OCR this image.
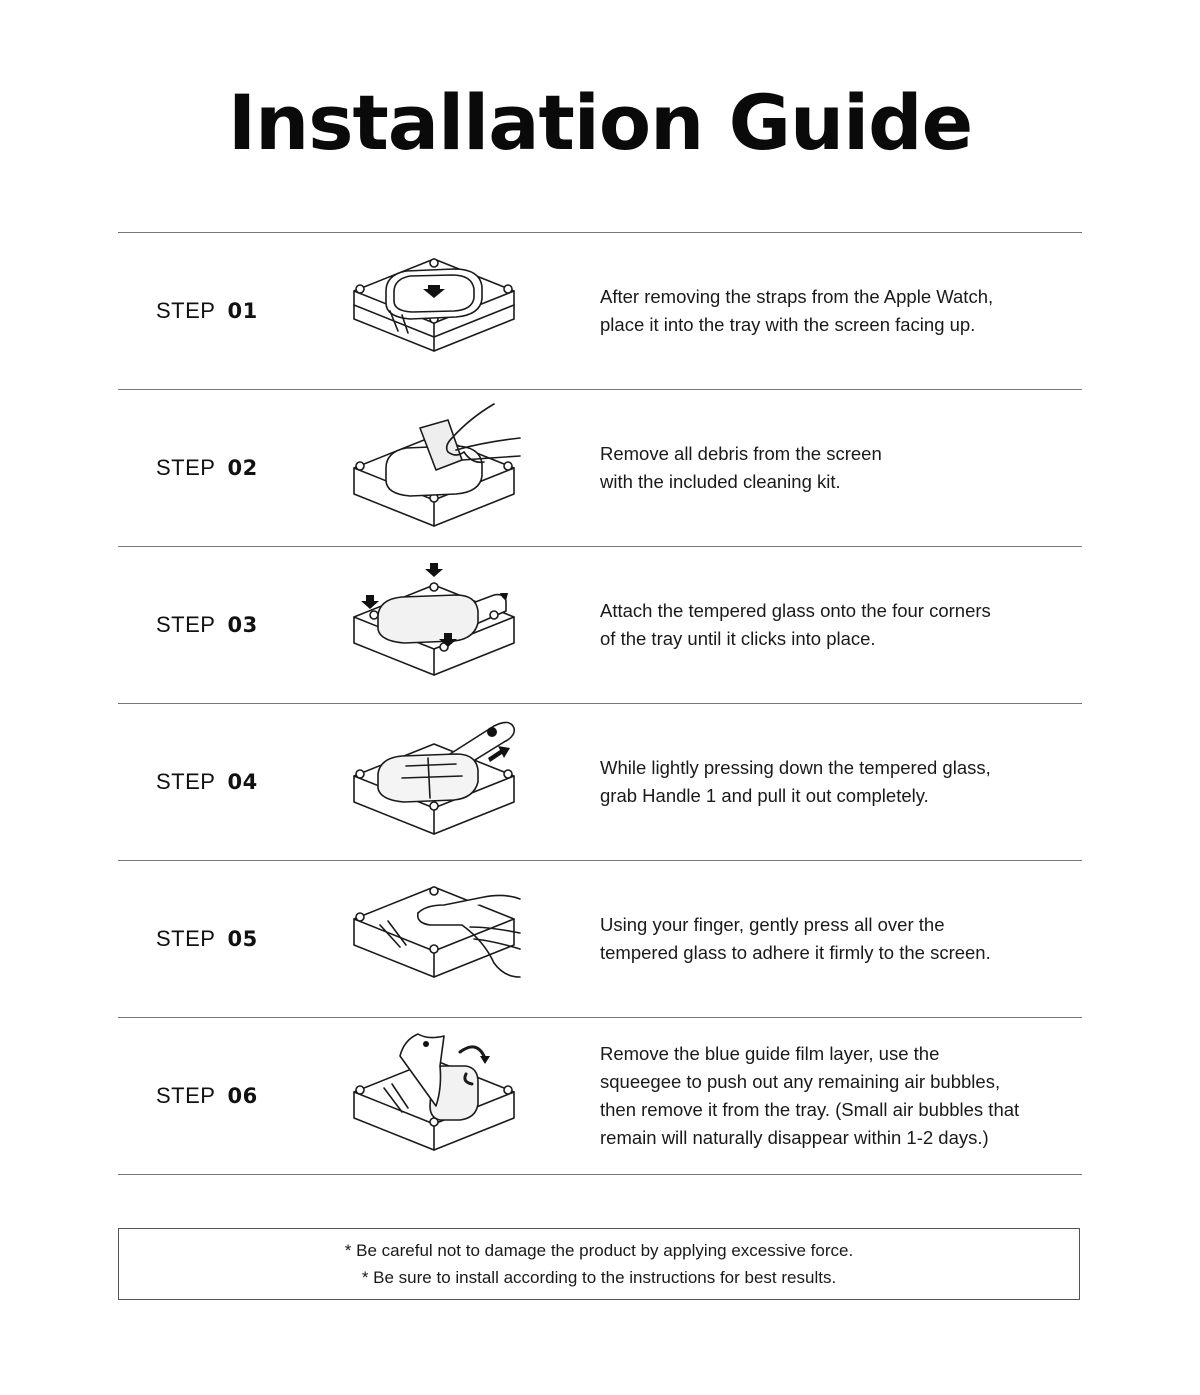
Installation Guide
STEP 01
After removing the straps from the Apple Watch,
place it into the tray with the screen facing up.
STEP 02
Remove all debris from the screen
with the included cleaning kit.
STEP 03
Attach the tempered glass onto the four corners
of the tray until it clicks into place.
STEP 04
While lightly pressing down the tempered glass,
grab Handle 1 and pull it out completely.
STEP 05
Using your finger, gently press all over the
tempered glass to adhere it firmly to the screen.
STEP 06
Remove the blue guide film layer, use the
squeegee to push out any remaining air bubbles,
then remove it from the tray. (Small air bubbles that
remain will naturally disappear within 1-2 days.)
* Be careful not to damage the product by applying excessive force.
* Be sure to install according to the instructions for best results.
